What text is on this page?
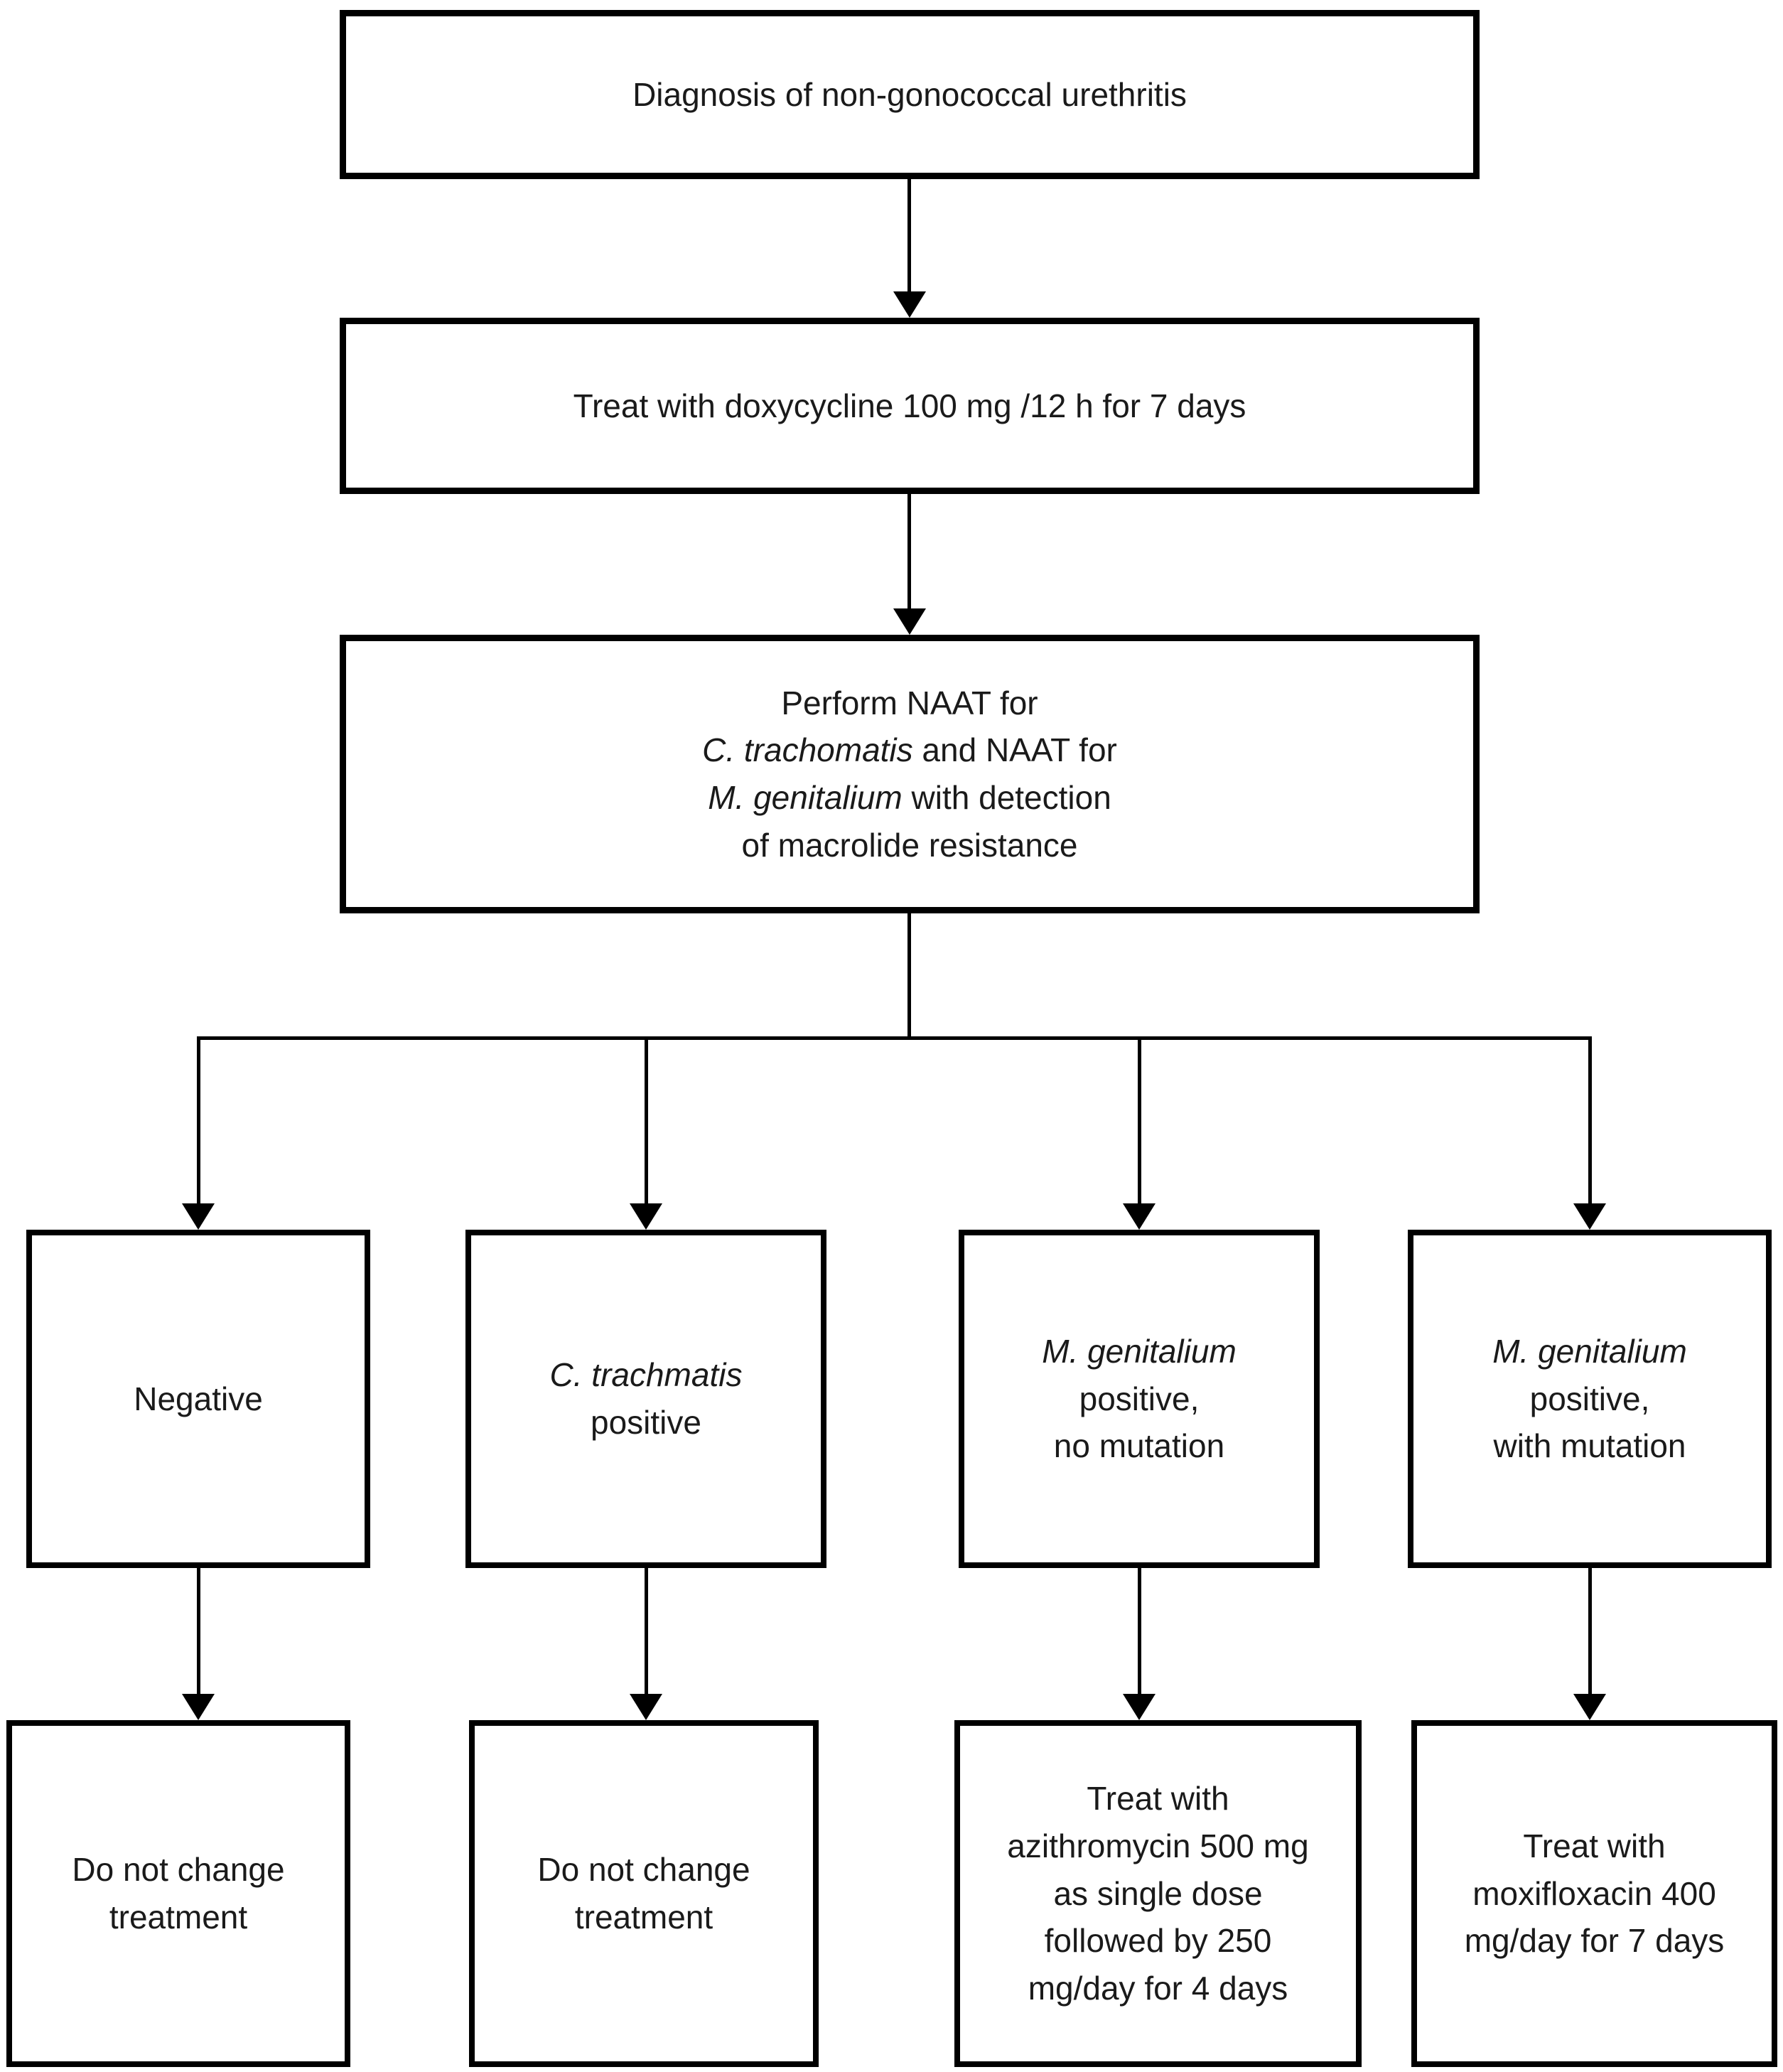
Diagnosis of non-gonococcal urethritis
Treat with doxycycline 100 mg /12 h for 7 days
Perform NAAT for
C. trachomatis and NAAT for
M. genitalium with detection
of macrolide resistance
Negative
C. trachmatis
positive
M. genitalium
positive,
no mutation
M. genitalium
positive,
with mutation
Do not change treatment
Do not change treatment
Treat with azithromycin 500 mg as single dose followed by 250 mg/day for 4 days
Treat with moxifloxacin 400 mg/day for 7 days
